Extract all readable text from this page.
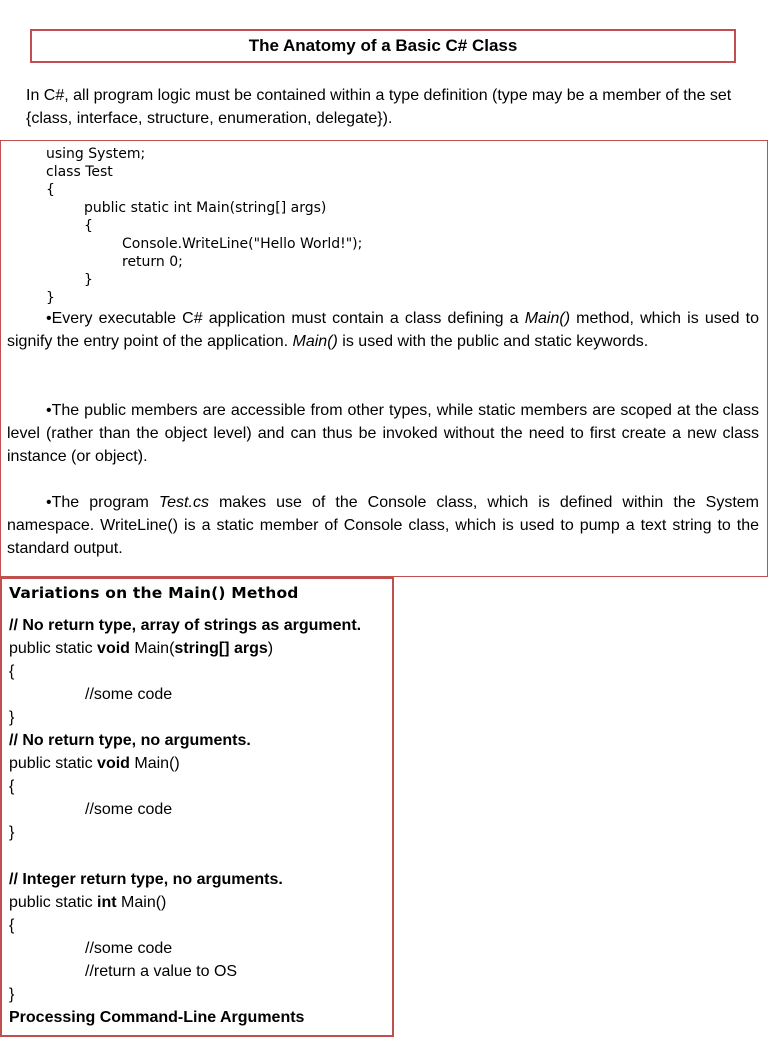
The Anatomy of a Basic C# Class

In C#, all program logic must be contained within a type definition (type may be a member of the set {class, interface, structure, enumeration, delegate}).

using System;
class Test
{
public static int Main(string[] args)
{
Console.WriteLine("Hello World!");
return 0;
}
}

•Every executable C# application must contain a class defining a Main() method, which is used to signify the entry point of the application. Main() is used with the public and static keywords.

•The public members are accessible from other types, while static members are scoped at the class level (rather than the object level) and can thus be invoked without the need to first create a new class instance (or object).

•The program Test.cs makes use of the Console class, which is defined within the System namespace. WriteLine() is a static member of Console class, which is used to pump a text string to the standard output.

Variations on the Main() Method
// No return type, array of strings as argument.
public static void Main(string[] args)
{
//some code
}
// No return type, no arguments.
public static void Main()
{
//some code
}
// Integer return type, no arguments.
public static int Main()
{
//some code
//return a value to OS
}
Processing Command-Line Arguments
